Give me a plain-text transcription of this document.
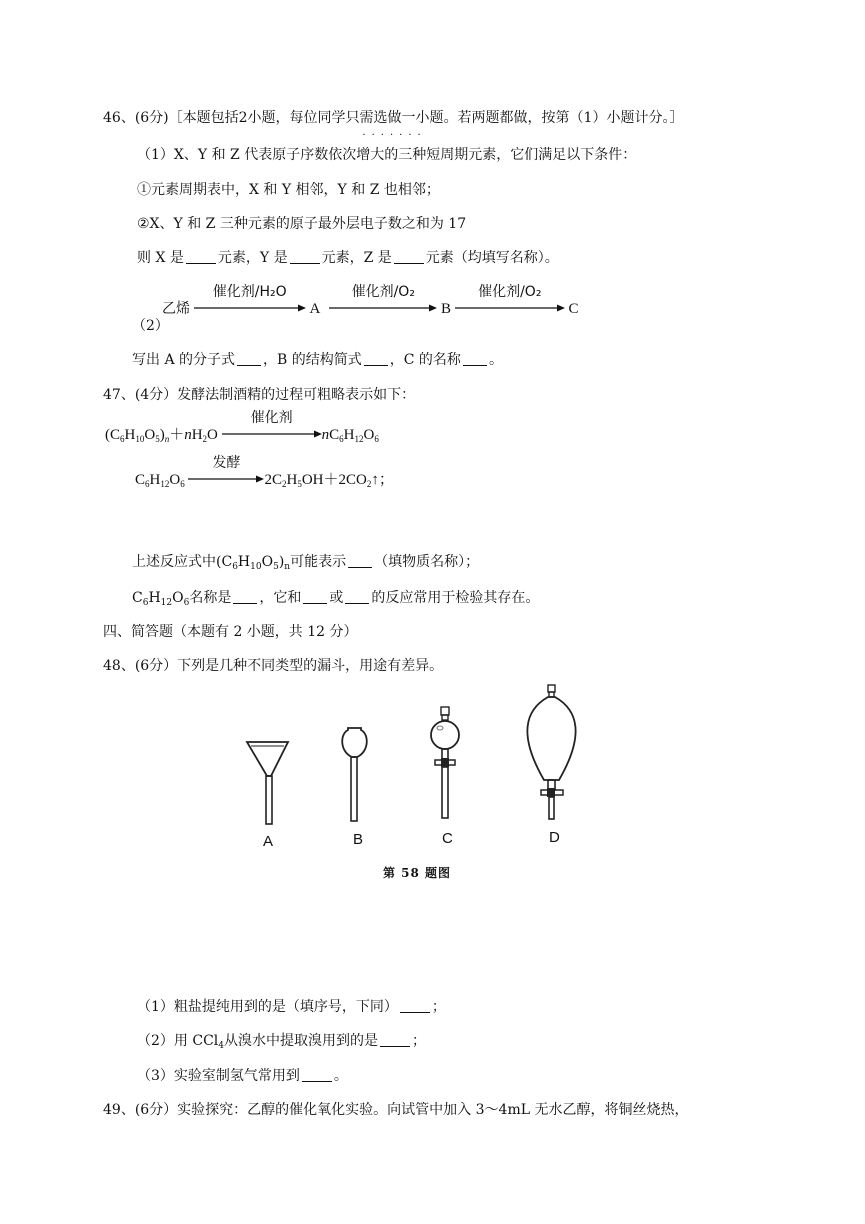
46、(6分)［本题包括2小题，每位同学只需选做一小题
·······
。若两题都做，按第（1）小题计分。］
（1）X、Y 和 Z 代表原子序数依次增大的三种短周期元素，它们满足以下条件：
①元素周期表中，X 和 Y 相邻，Y 和 Z 也相邻；
②X、Y 和 Z 三种元素的原子最外层电子数之和为 17
则 X 是 元素，Y 是 元素，Z 是 元素（均填写名称）。
（2）
乙烯
催化剂/H₂O
A
催化剂/O₂
B
催化剂/O₂
C
写出 A 的分子式 ，B 的结构简式 ，C 的名称 。
47、(4分）发酵法制酒精的过程可粗略表示如下：
$(C_6H_{10}O_5)_n+nH_2O$
催化剂
$nC_6H_{12}O_6$
$C_6H_{12}O_6$
发酵
$2C_2H_5OH+2CO_2↑$；
上述反应式中$(C_6H_{10}O_5)_n$可能表示 （填物质名称）；
$C_6H_{12}O_6$名称是 ，它和 或 的反应常用于检验其存在。
四、简答题（本题有 2 小题，共 12 分）
48、(6分）下列是几种不同类型的漏斗，用途有差异。
A	B	C	D
第 58 题图
（1）粗盐提纯用到的是（填序号，下同） ；
（2）用 CCl$_4$从溴水中提取溴用到的是 ；
（3）实验室制氢气常用到 。
49、(6分）实验探究：乙醇的催化氧化实验。向试管中加入 3～4mL 无水乙醇，将铜丝烧热，
